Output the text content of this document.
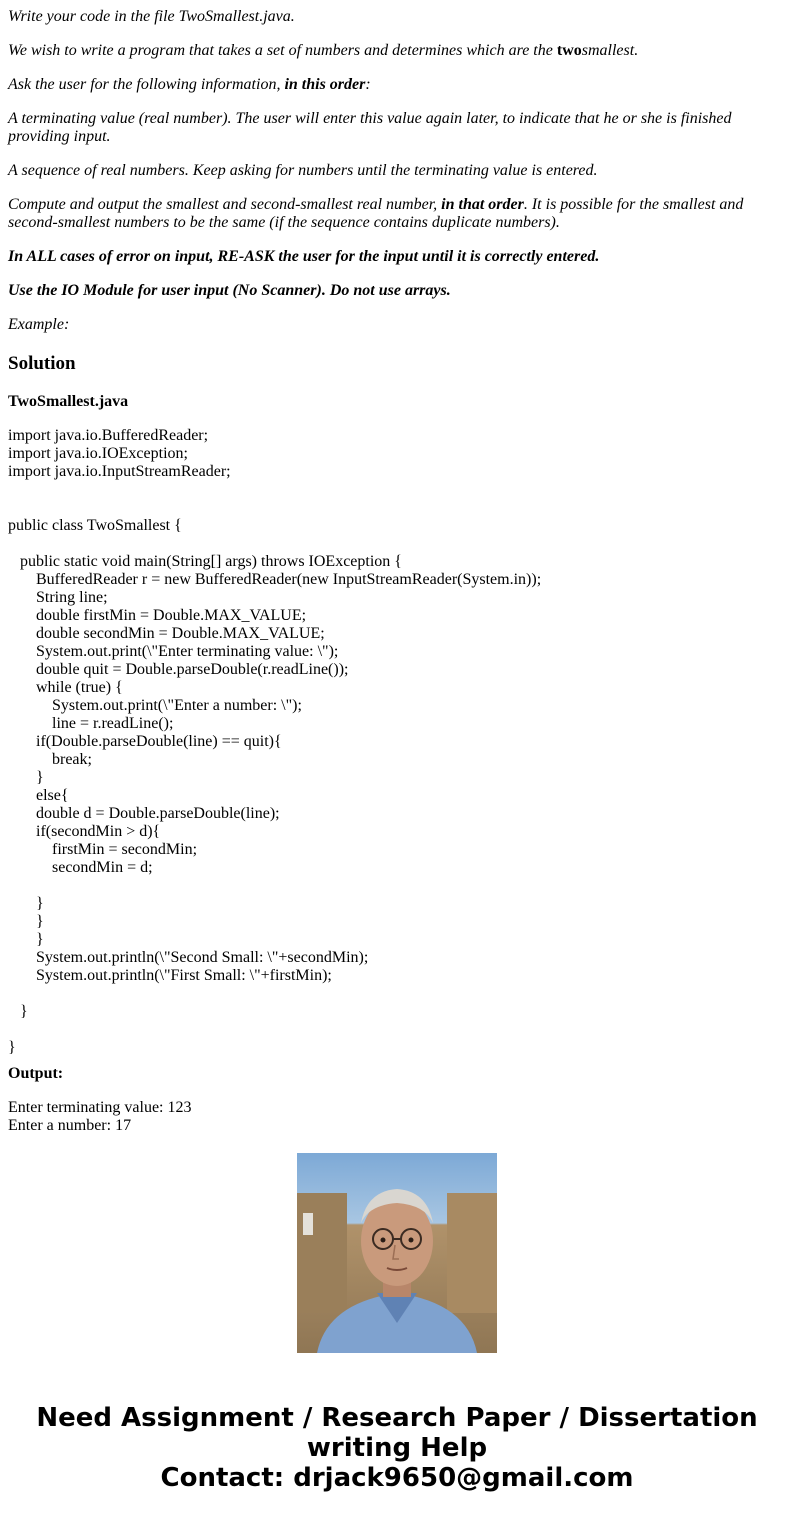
Write your code in the file TwoSmallest.java.

We wish to write a program that takes a set of numbers and determines which are the twosmallest.

Ask the user for the following information, in this order:

A terminating value (real number). The user will enter this value again later, to indicate that he or she is finished providing input.

A sequence of real numbers. Keep asking for numbers until the terminating value is entered.

Compute and output the smallest and second-smallest real number, in that order. It is possible for the smallest and second-smallest numbers to be the same (if the sequence contains duplicate numbers).

In ALL cases of error on input, RE-ASK the user for the input until it is correctly entered.

Use the IO Module for user input (No Scanner). Do not use arrays.

Example:

Solution

TwoSmallest.java

import java.io.BufferedReader;
import java.io.IOException;
import java.io.InputStreamReader;

public class TwoSmallest {

public static void main(String[] args) throws IOException {
BufferedReader r = new BufferedReader(new InputStreamReader(System.in));
String line;
double firstMin = Double.MAX_VALUE;
double secondMin = Double.MAX_VALUE;
System.out.print(\"Enter terminating value: \");
double quit = Double.parseDouble(r.readLine());
while (true) {
System.out.print(\"Enter a number: \");
line = r.readLine();
if(Double.parseDouble(line) == quit){
break;
}
else{
double d = Double.parseDouble(line);
if(secondMin > d){
firstMin = secondMin;
secondMin = d;

}
}
}
System.out.println(\"Second Small: \"+secondMin);
System.out.println(\"First Small: \"+firstMin);

}

}

Output:

Enter terminating value: 123
Enter a number: 17
Need Assignment / Research Paper / Dissertation
writing Help
Contact: drjack9650@gmail.com
